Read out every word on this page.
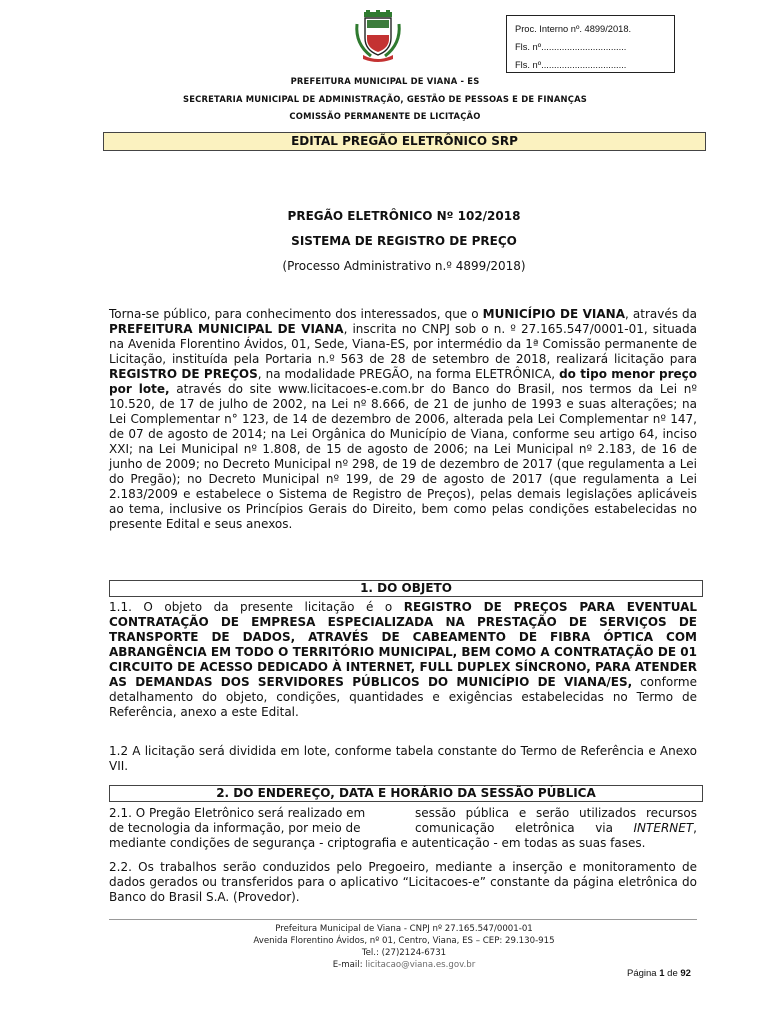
Proc. Interno nº. 4899/2018.
Fls. nº.................................
Fls. nº.................................
PREFEITURA MUNICIPAL DE VIANA - ES
SECRETARIA MUNICIPAL DE ADMINISTRAÇÃO, GESTÃO DE PESSOAS E DE FINANÇAS
COMISSÃO PERMANENTE DE LICITAÇÃO
EDITAL PREGÃO ELETRÔNICO SRP
PREGÃO ELETRÔNICO Nº 102/2018
SISTEMA DE REGISTRO DE PREÇO
(Processo Administrativo n.º 4899/2018)
Torna-se público, para conhecimento dos interessados, que o MUNICÍPIO DE VIANA, através da PREFEITURA MUNICIPAL DE VIANA, inscrita no CNPJ sob o n. º 27.165.547/0001-01, situada na Avenida Florentino Ávidos, 01, Sede, Viana-ES, por intermédio da 1ª Comissão permanente de Licitação, instituída pela Portaria n.º 563 de 28 de setembro de 2018, realizará licitação para REGISTRO DE PREÇOS, na modalidade PREGÃO, na forma ELETRÔNICA, do tipo menor preço por lote, através do site www.licitacoes-e.com.br do Banco do Brasil, nos termos da Lei nº 10.520, de 17 de julho de 2002, na Lei nº 8.666, de 21 de junho de 1993 e suas alterações; na Lei Complementar n° 123, de 14 de dezembro de 2006, alterada pela Lei Complementar nº 147, de 07 de agosto de 2014; na Lei Orgânica do Município de Viana, conforme seu artigo 64, inciso XXI; na Lei Municipal nº 1.808, de 15 de agosto de 2006; na Lei Municipal nº 2.183, de 16 de junho de 2009; no Decreto Municipal nº 298, de 19 de dezembro de 2017 (que regulamenta a Lei do Pregão); no Decreto Municipal nº 199, de 29 de agosto de 2017 (que regulamenta a Lei 2.183/2009 e estabelece o Sistema de Registro de Preços), pelas demais legislações aplicáveis ao tema, inclusive os Princípios Gerais do Direito, bem como pelas condições estabelecidas no presente Edital e seus anexos.
1. DO OBJETO
1.1. O objeto da presente licitação é o REGISTRO DE PREÇOS PARA EVENTUAL CONTRATAÇÃO DE EMPRESA ESPECIALIZADA NA PRESTAÇÃO DE SERVIÇOS DE TRANSPORTE DE DADOS, ATRAVÉS DE CABEAMENTO DE FIBRA ÓPTICA COM ABRANGÊNCIA EM TODO O TERRITÓRIO MUNICIPAL, BEM COMO A CONTRATAÇÃO DE 01 CIRCUITO DE ACESSO DEDICADO À INTERNET, FULL DUPLEX SÍNCRONO, PARA ATENDER AS DEMANDAS DOS SERVIDORES PÚBLICOS DO MUNICÍPIO DE VIANA/ES, conforme detalhamento do objeto, condições, quantidades e exigências estabelecidas no Termo de Referência, anexo a este Edital.
1.2 A licitação será dividida em lote, conforme tabela constante do Termo de Referência e Anexo VII.
2. DO ENDEREÇO, DATA E HORÁRIO DA SESSÃO PÚBLICA
2.1. O Pregão Eletrônico será realizado em	sessão pública e serão utilizados recursos
de tecnologia da informação, por meio de	comunicação eletrônica via INTERNET,
mediante condições de segurança - criptografia e autenticação - em todas as suas fases.
2.2. Os trabalhos serão conduzidos pelo Pregoeiro, mediante a inserção e monitoramento de dados gerados ou transferidos para o aplicativo “Licitacoes-e” constante da página eletrônica do Banco do Brasil S.A. (Provedor).
Prefeitura Municipal de Viana - CNPJ nº 27.165.547/0001-01
Avenida Florentino Ávidos, nº 01, Centro, Viana, ES – CEP: 29.130-915
Tel.: (27)2124-6731
E-mail: licitacao@viana.es.gov.br
Página 1 de 92
